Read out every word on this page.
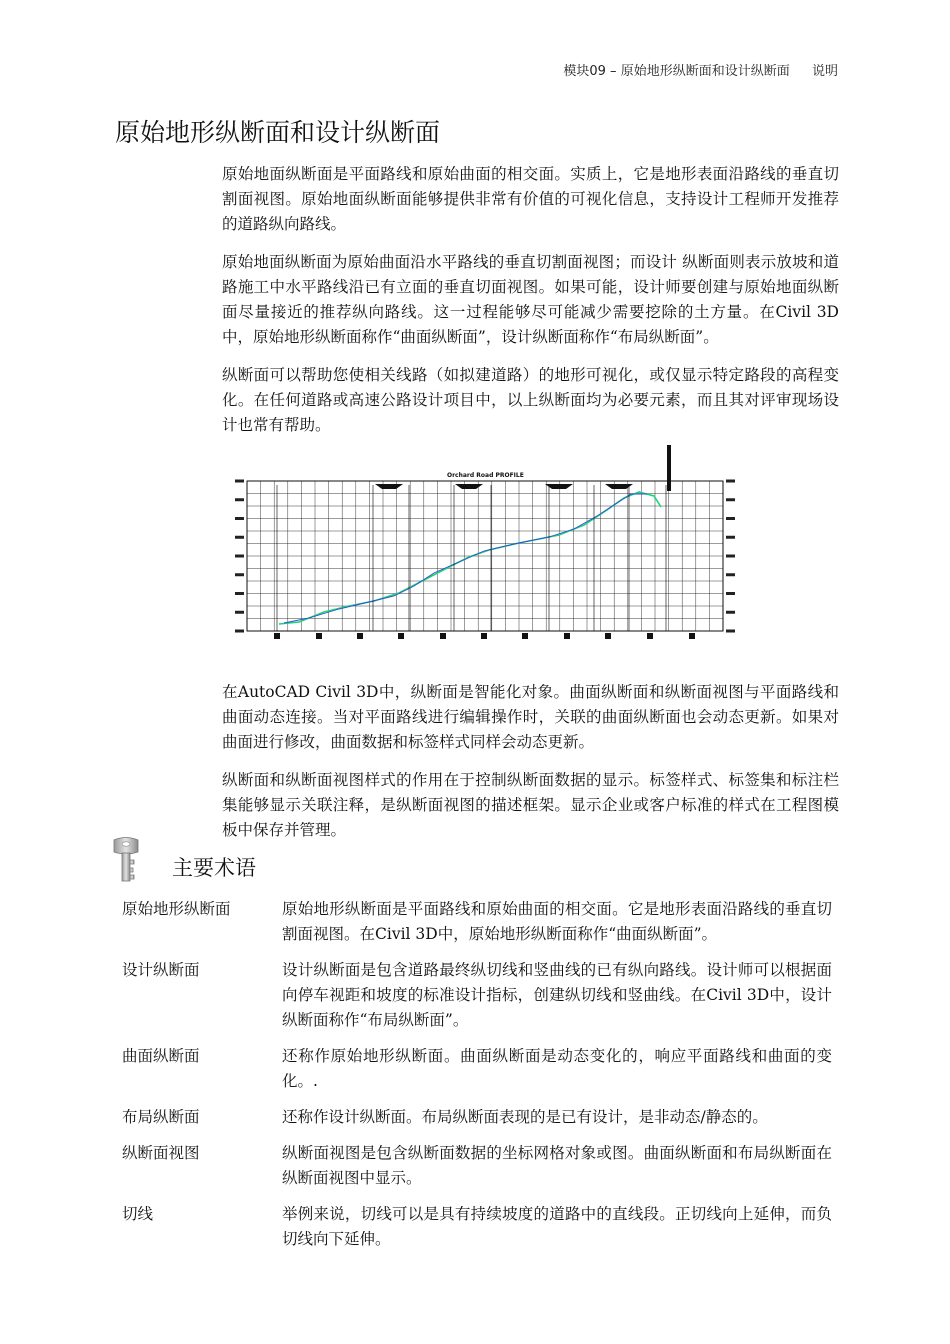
模块09 – 原始地形纵断面和设计纵断面 说明
原始地形纵断面和设计纵断面

原始地面纵断面是平面路线和原始曲面的相交面。实质上，它是地形表面沿路线的垂直切割面视图。原始地面纵断面能够提供非常有价值的可视化信息，支持设计工程师开发推荐的道路纵向路线。

原始地面纵断面为原始曲面沿水平路线的垂直切割面视图；而设计 纵断面则表示放坡和道路施工中水平路线沿已有立面的垂直切面视图。如果可能，设计师要创建与原始地面纵断面尽量接近的推荐纵向路线。这一过程能够尽可能减少需要挖除的土方量。在Civil 3D中，原始地形纵断面称作“曲面纵断面”，设计纵断面称作“布局纵断面”。

纵断面可以帮助您使相关线路（如拟建道路）的地形可视化，或仅显示特定路段的高程变化。在任何道路或高速公路设计项目中，以上纵断面均为必要元素，而且其对评审现场设计也常有帮助。

Orchard Road PROFILE

在AutoCAD Civil 3D中，纵断面是智能化对象。曲面纵断面和纵断面视图与平面路线和曲面动态连接。当对平面路线进行编辑操作时，关联的曲面纵断面也会动态更新。如果对曲面进行修改，曲面数据和标签样式同样会动态更新。

纵断面和纵断面视图样式的作用在于控制纵断面数据的显示。标签样式、标签集和标注栏集能够显示关联注释，是纵断面视图的描述框架。显示企业或客户标准的样式在工程图模板中保存并管理。

主要术语
原始地形纵断面	原始地形纵断面是平面路线和原始曲面的相交面。它是地形表面沿路线的垂直切割面视图。在Civil 3D中，原始地形纵断面称作“曲面纵断面”。
设计纵断面	设计纵断面是包含道路最终纵切线和竖曲线的已有纵向路线。设计师可以根据面向停车视距和坡度的标准设计指标，创建纵切线和竖曲线。在Civil 3D中，设计纵断面称作“布局纵断面”。
曲面纵断面	还称作原始地形纵断面。曲面纵断面是动态变化的，响应平面路线和曲面的变化。.
布局纵断面	还称作设计纵断面。布局纵断面表现的是已有设计，是非动态/静态的。
纵断面视图	纵断面视图是包含纵断面数据的坐标网格对象或图。曲面纵断面和布局纵断面在纵断面视图中显示。
切线	举例来说，切线可以是具有持续坡度的道路中的直线段。正切线向上延伸，而负切线向下延伸。
